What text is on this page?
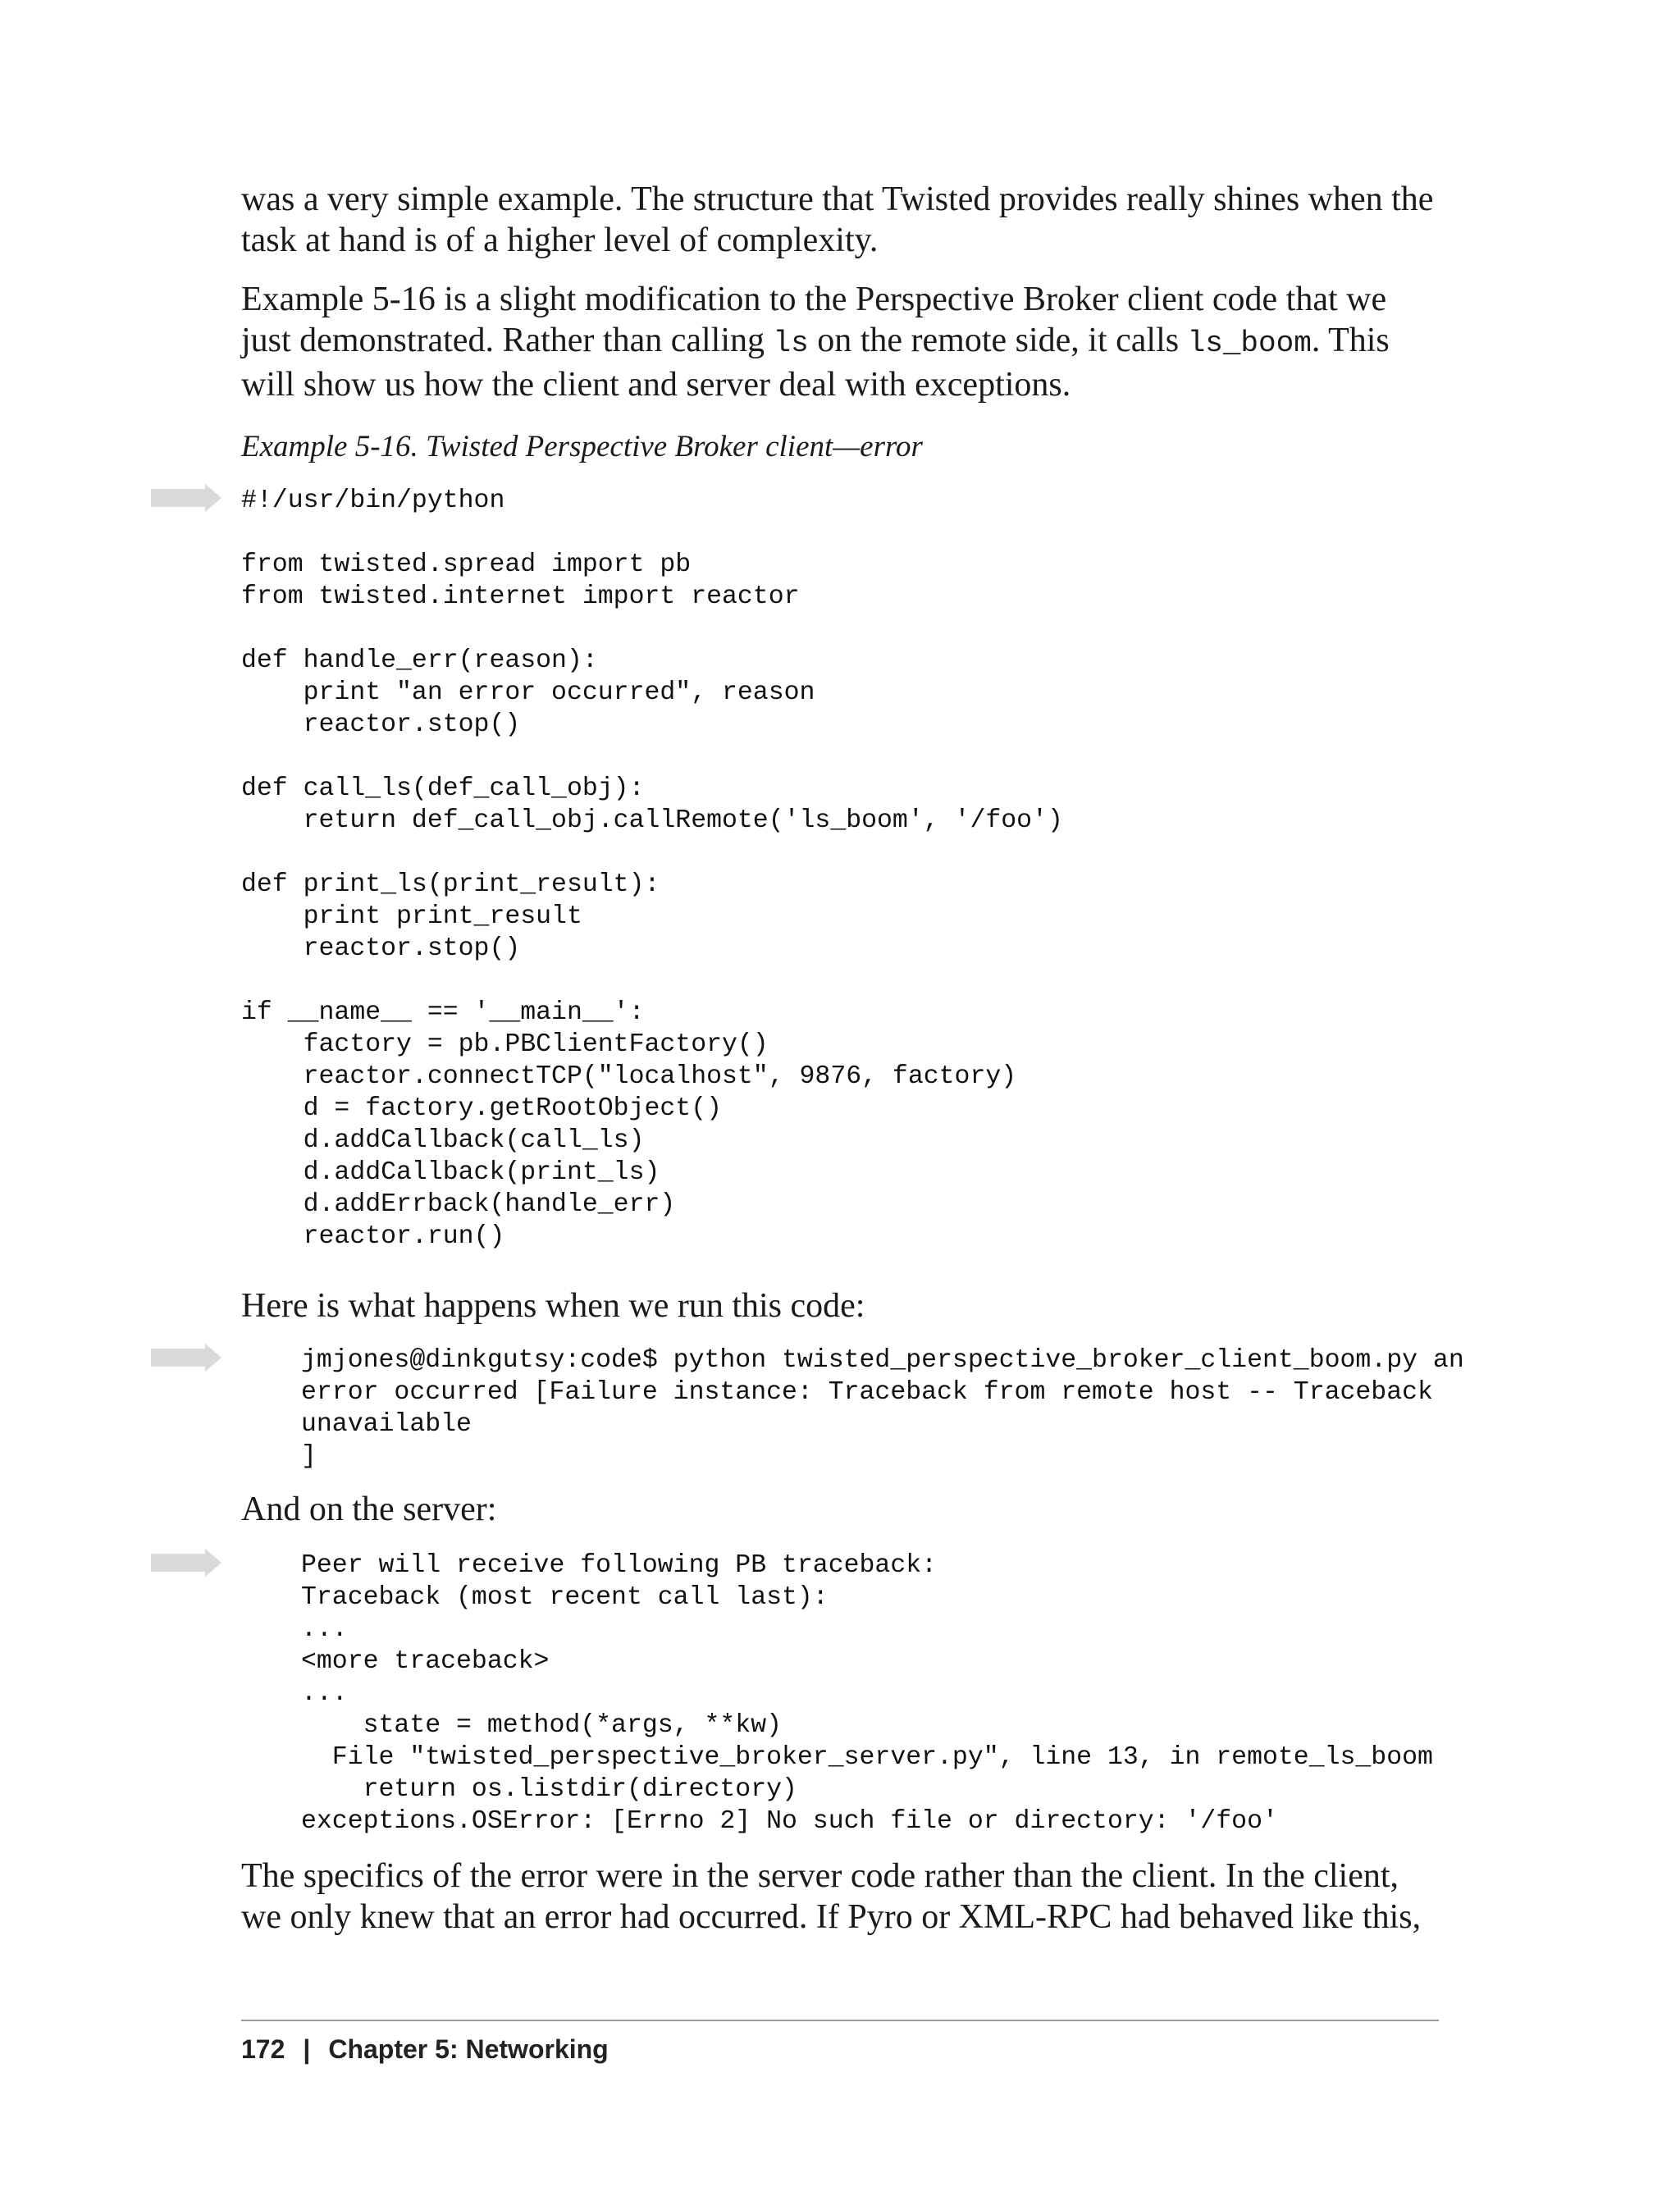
was a very simple example. The structure that Twisted provides really shines when the task at hand is of a higher level of complexity.

Example 5-16 is a slight modification to the Perspective Broker client code that we just demonstrated. Rather than calling ls on the remote side, it calls ls_boom. This will show us how the client and server deal with exceptions.

Example 5-16. Twisted Perspective Broker client—error

#!/usr/bin/python

from twisted.spread import pb
from twisted.internet import reactor

def handle_err(reason):
print "an error occurred", reason
reactor.stop()

def call_ls(def_call_obj):
return def_call_obj.callRemote('ls_boom', '/foo')

def print_ls(print_result):
print print_result
reactor.stop()

if __name__ == '__main__':
factory = pb.PBClientFactory()
reactor.connectTCP("localhost", 9876, factory)
d = factory.getRootObject()
d.addCallback(call_ls)
d.addCallback(print_ls)
d.addErrback(handle_err)
reactor.run()

Here is what happens when we run this code:

jmjones@dinkgutsy:code$ python twisted_perspective_broker_client_boom.py an
error occurred [Failure instance: Traceback from remote host -- Traceback
unavailable
]

And on the server:

Peer will receive following PB traceback:
Traceback (most recent call last):
...
<more traceback>
...
state = method(*args, **kw)
File "twisted_perspective_broker_server.py", line 13, in remote_ls_boom
return os.listdir(directory)
exceptions.OSError: [Errno 2] No such file or directory: '/foo'

The specifics of the error were in the server code rather than the client. In the client, we only knew that an error had occurred. If Pyro or XML-RPC had behaved like this,

172 | Chapter 5: Networking
